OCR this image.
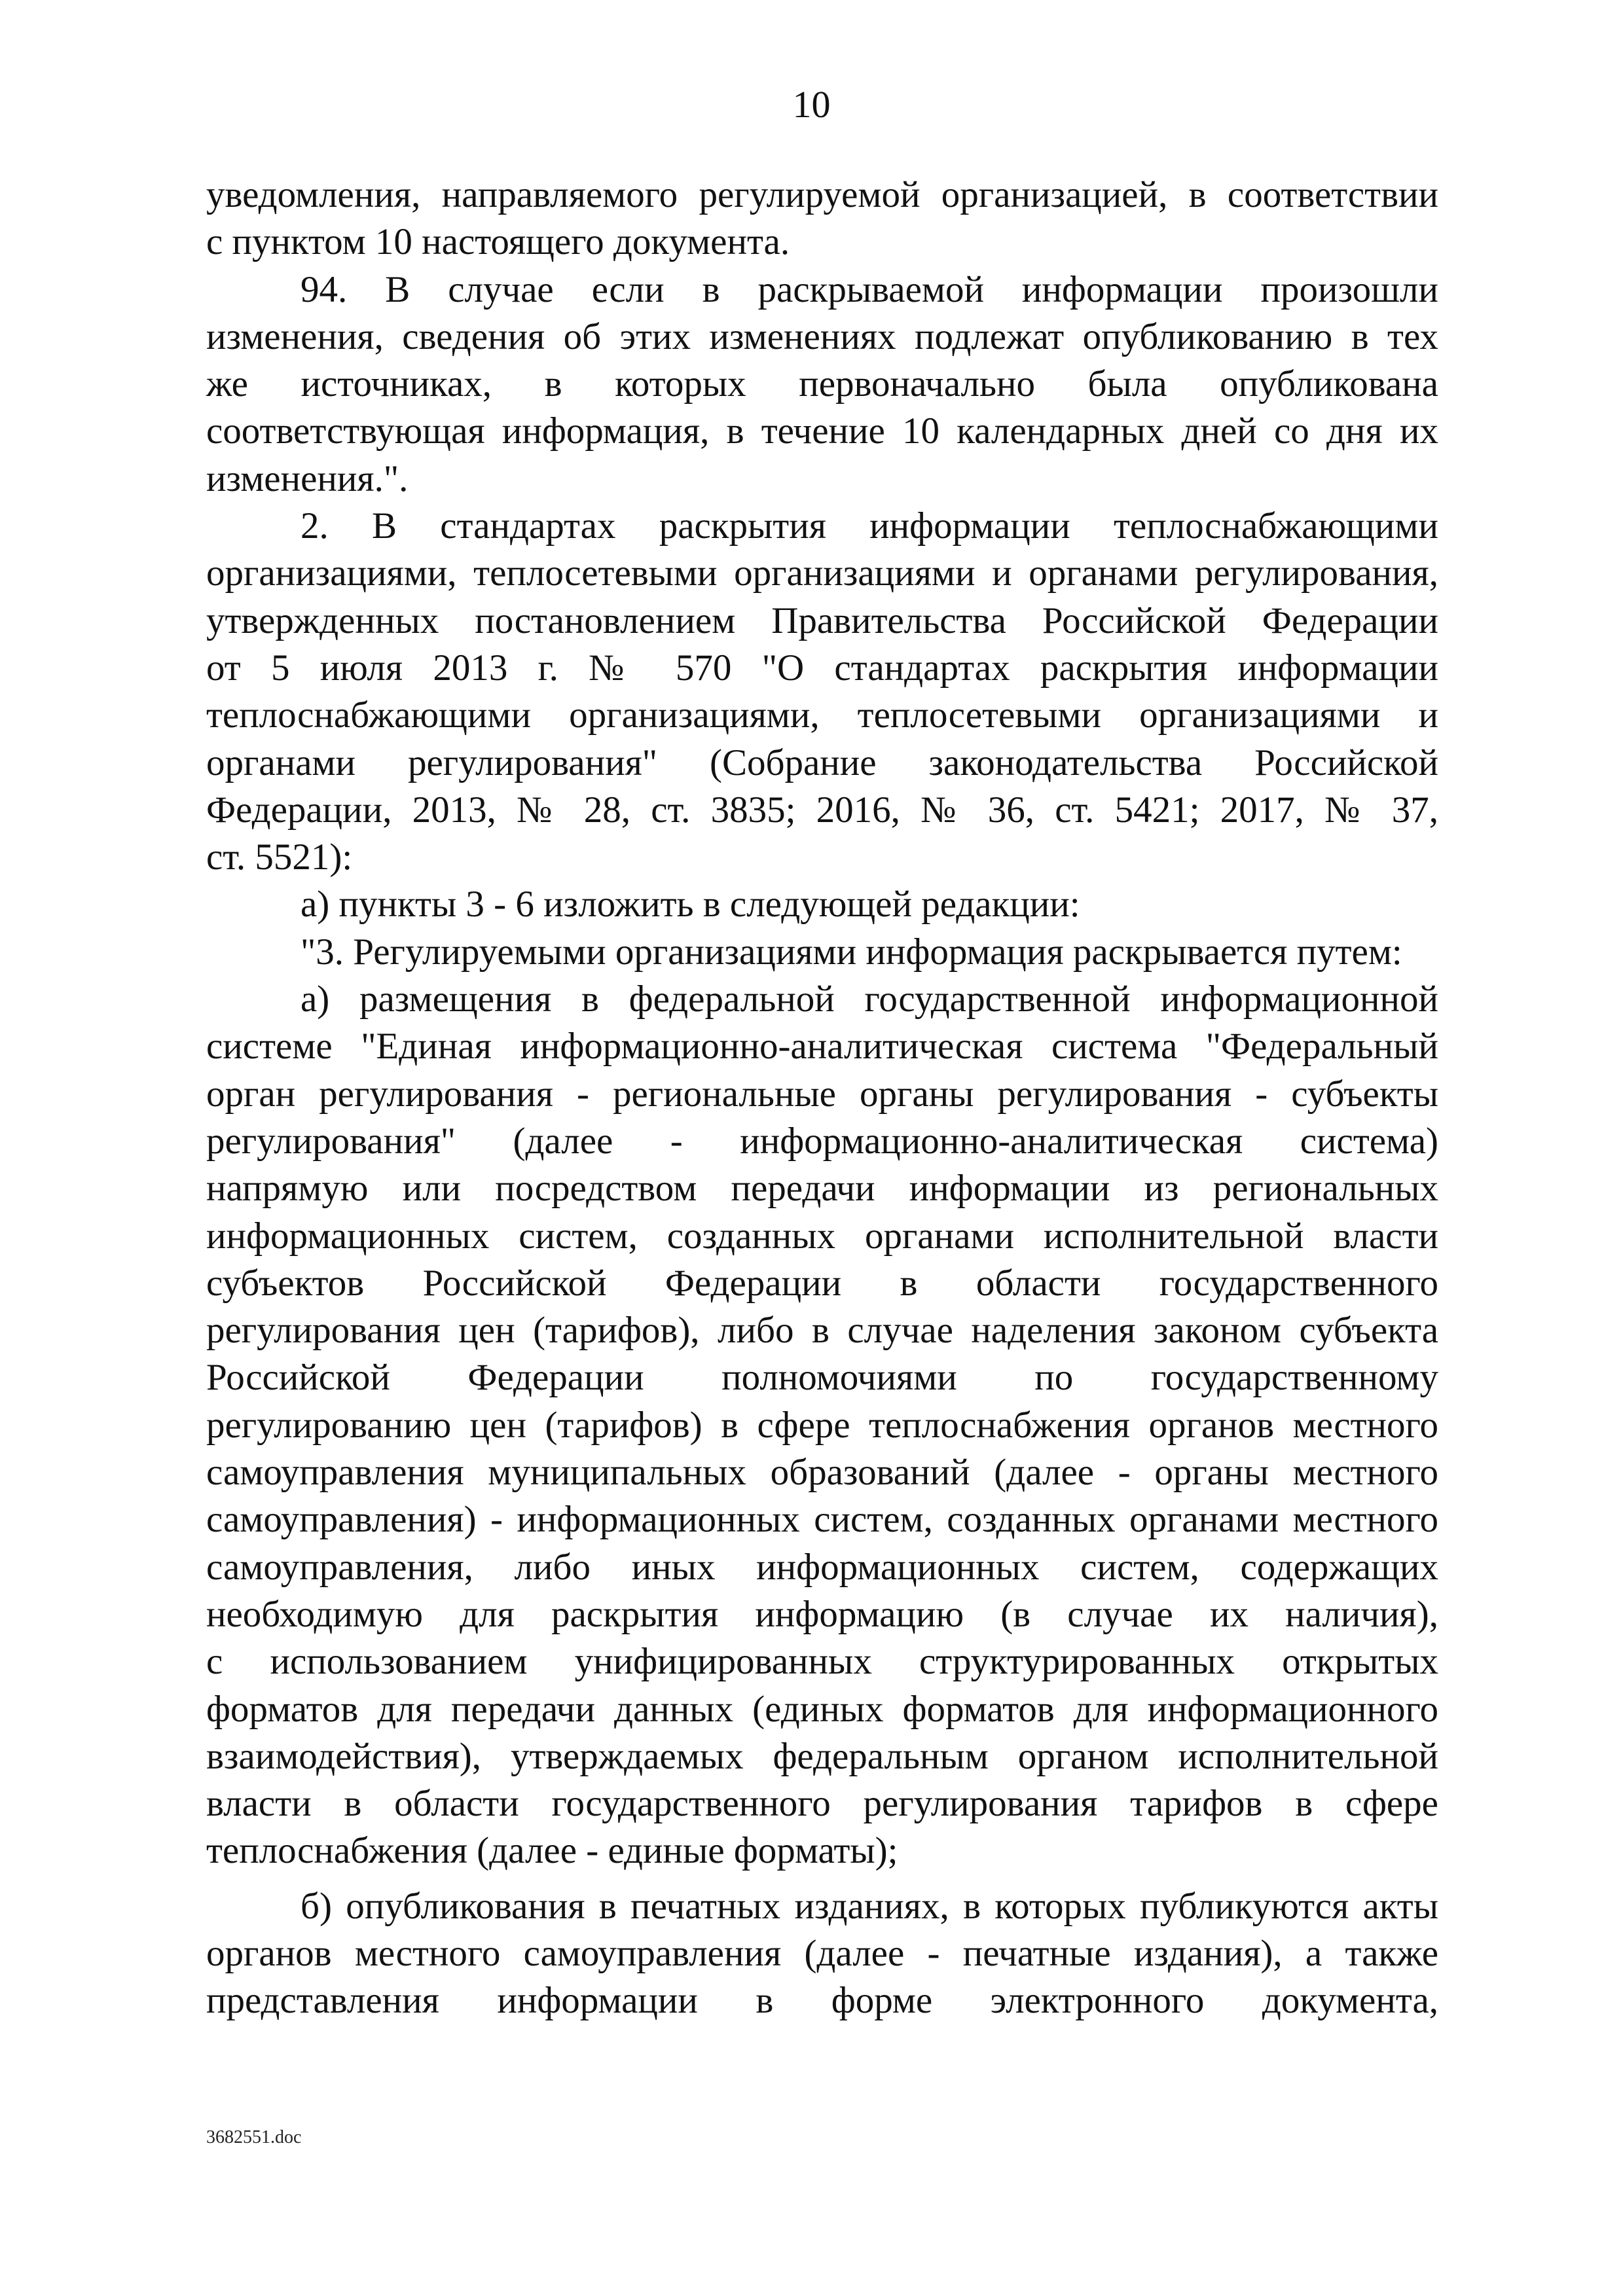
10
уведомления, направляемого регулируемой организацией, в соответствии
с пунктом 10 настоящего документа.
94. В случае если в раскрываемой информации произошли
изменения, сведения об этих изменениях подлежат опубликованию в тех
же источниках, в которых первоначально была опубликована
соответствующая информация, в течение 10 календарных дней со дня их
изменения.".
2. В стандартах раскрытия информации теплоснабжающими
организациями, теплосетевыми организациями и органами регулирования,
утвержденных постановлением Правительства Российской Федерации
от 5 июля 2013 г. № 570 "О стандартах раскрытия информации
теплоснабжающими организациями, теплосетевыми организациями и
органами регулирования" (Собрание законодательства Российской
Федерации, 2013, № 28, ст. 3835; 2016, № 36, ст. 5421; 2017, № 37,
ст. 5521):
а) пункты 3 - 6 изложить в следующей редакции:
"3. Регулируемыми организациями информация раскрывается путем:
а) размещения в федеральной государственной информационной
системе "Единая информационно-аналитическая система "Федеральный
орган регулирования - региональные органы регулирования - субъекты
регулирования" (далее - информационно-аналитическая система)
напрямую или посредством передачи информации из региональных
информационных систем, созданных органами исполнительной власти
субъектов Российской Федерации в области государственного
регулирования цен (тарифов), либо в случае наделения законом субъекта
Российской Федерации полномочиями по государственному
регулированию цен (тарифов) в сфере теплоснабжения органов местного
самоуправления муниципальных образований (далее - органы местного
самоуправления) - информационных систем, созданных органами местного
самоуправления, либо иных информационных систем, содержащих
необходимую для раскрытия информацию (в случае их наличия),
с использованием унифицированных структурированных открытых
форматов для передачи данных (единых форматов для информационного
взаимодействия), утверждаемых федеральным органом исполнительной
власти в области государственного регулирования тарифов в сфере
теплоснабжения (далее - единые форматы);
б) опубликования в печатных изданиях, в которых публикуются акты
органов местного самоуправления (далее - печатные издания), а также
представления информации в форме электронного документа,
3682551.doc
